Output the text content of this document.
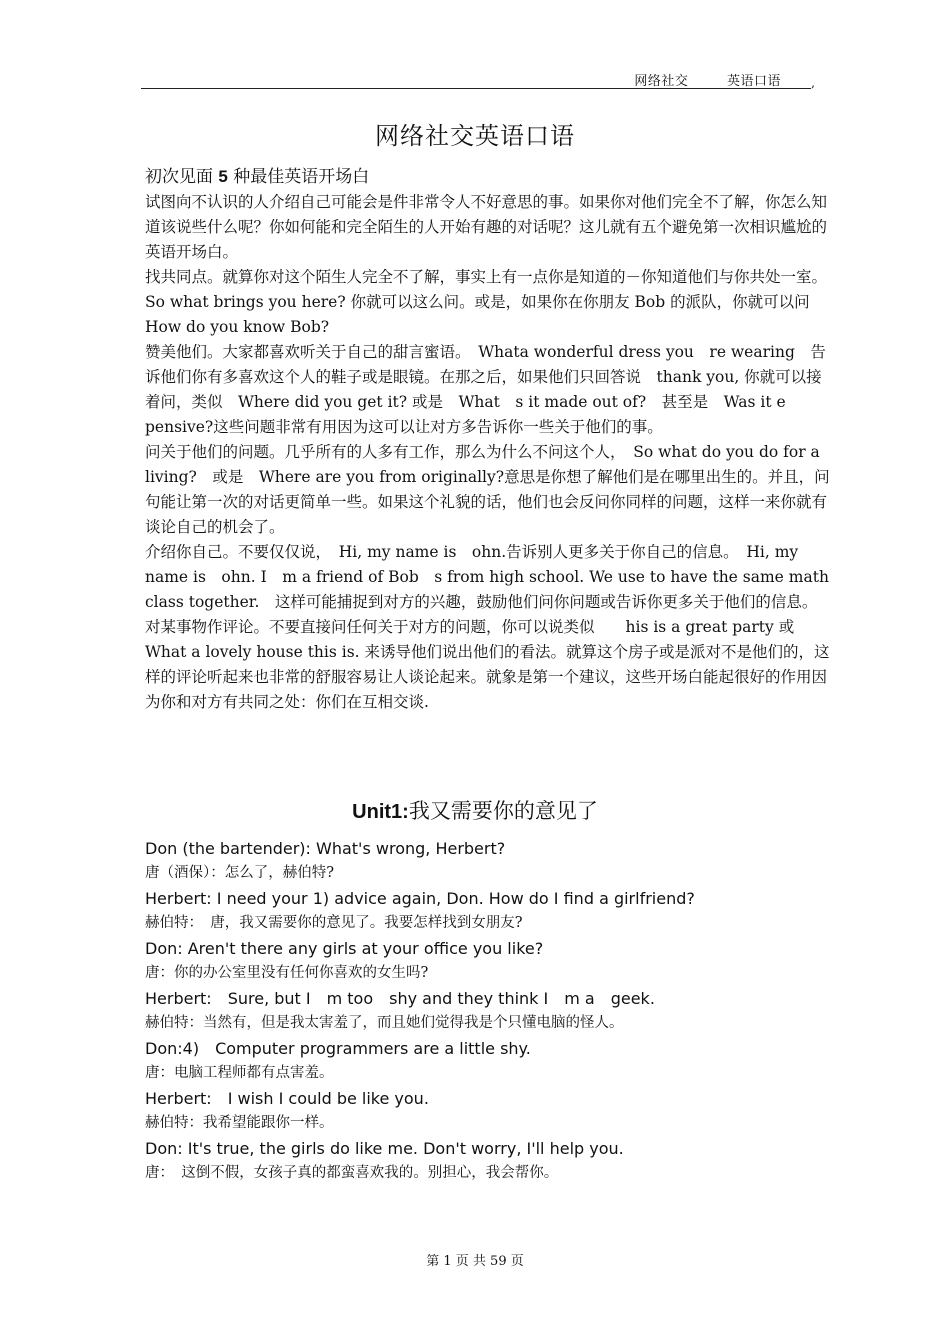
网络社交	英语口语	,
网络社交英语口语

初次见面 5 种最佳英语开场白

试图向不认识的人介绍自己可能会是件非常令人不好意思的事。如果你对他们完全不了解，你怎么知道该说些什么呢？你如何能和完全陌生的人开始有趣的对话呢？这儿就有五个避免第一次相识尴尬的英语开场白。

找共同点。就算你对这个陌生人完全不了解，事实上有一点你是知道的－你知道他们与你共处一室。　So what brings you here? 你就可以这么问。或是，如果你在你朋友 Bob 的派队，你就可以问　How do you know Bob?

赞美他们。大家都喜欢听关于自己的甜言蜜语。　Whata wonderful dress you　re wearing　告诉他们你有多喜欢这个人的鞋子或是眼镜。在那之后，如果他们只回答说　thank you, 你就可以接着问，类似　Where did you get it? 或是　What　s it made out of?　甚至是　Was it e　pensive?这些问题非常有用因为这可以让对方多告诉你一些关于他们的事。

问关于他们的问题。几乎所有的人多有工作，那么为什么不问这个人，　So what do you do for a living?　或是　Where are you from originally?意思是你想了解他们是在哪里出生的。并且，问句能让第一次的对话更简单一些。如果这个礼貌的话，他们也会反问你同样的问题，这样一来你就有谈论自己的机会了。

介绍你自己。不要仅仅说，　Hi, my name is　ohn.告诉别人更多关于你自己的信息。　Hi, my name is　ohn. I　m a friend of Bob　s from high school. We use to have the same math class together.　这样可能捕捉到对方的兴趣，鼓励他们问你问题或告诉你更多关于他们的信息。

对某事物作评论。不要直接问任何关于对方的问题，你可以说类似　　his is a great party 或　What a lovely house this is. 来诱导他们说出他们的看法。就算这个房子或是派对不是他们的，这样的评论听起来也非常的舒服容易让人谈论起来。就象是第一个建议，这些开场白能起很好的作用因为你和对方有共同之处：你们在互相交谈.

Unit1:我又需要你的意见了

Don (the bartender): What's wrong, Herbert?

唐（酒保）：怎么了，赫伯特?

Herbert: I need your 1) advice again, Don. How do I find a girlfriend?

赫伯特：　唐，我又需要你的意见了。我要怎样找到女朋友?

Don: Aren't there any girls at your office you like?

唐：你的办公室里没有任何你喜欢的女生吗?

Herbert:　Sure, but I　m too　shy and they think I　m a　geek.

赫伯特：当然有，但是我太害羞了，而且她们觉得我是个只懂电脑的怪人。

Don:4)　Computer programmers are a little shy.

唐：电脑工程师都有点害羞。

Herbert:　I wish I could be like you.

赫伯特：我希望能跟你一样。

Don: It's true, the girls do like me. Don't worry, I'll help you.

唐：　这倒不假，女孩子真的都蛮喜欢我的。别担心，我会帮你。

第 1 页 共 59 页
